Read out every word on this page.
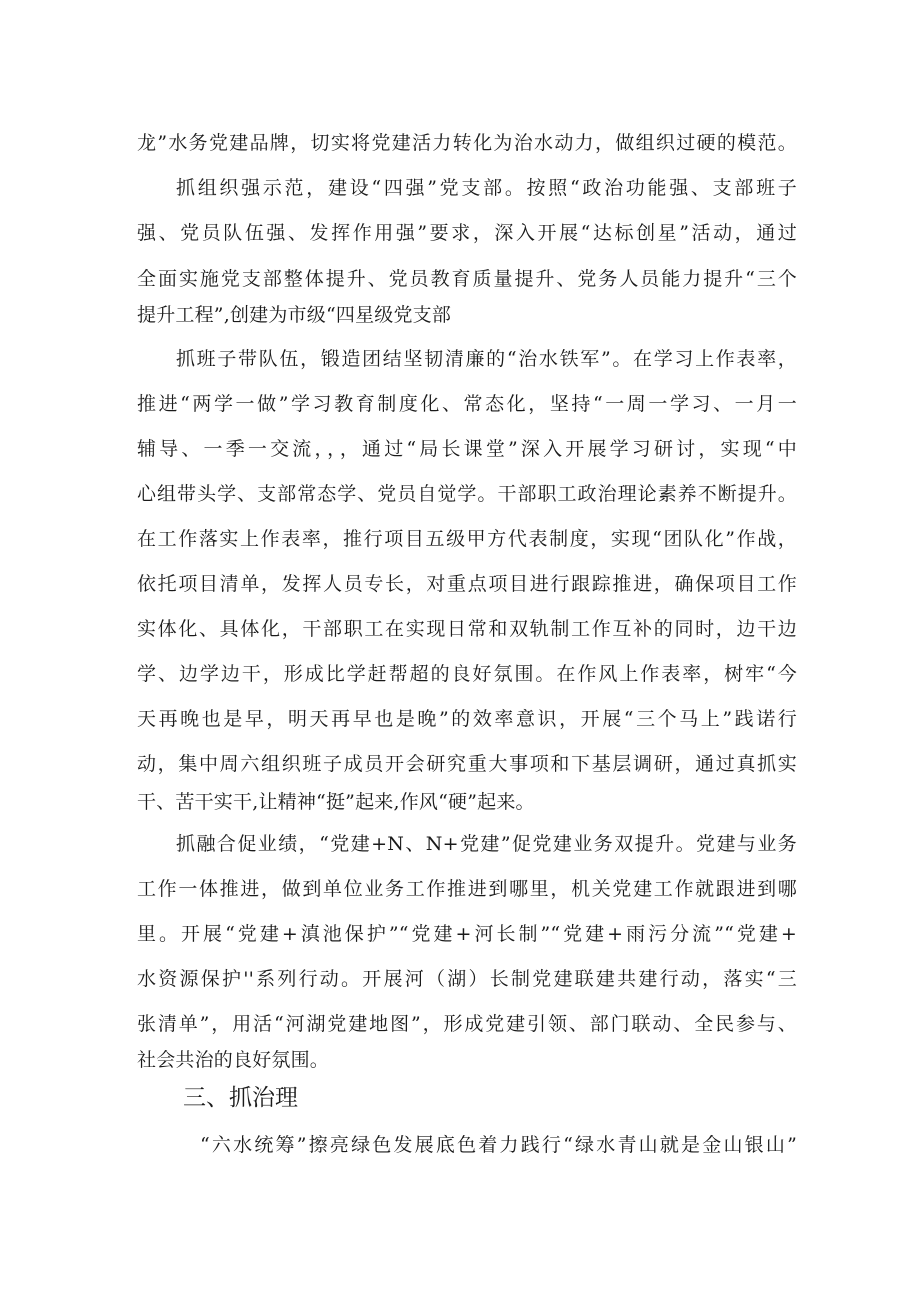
龙”水务党建品牌，切实将党建活力转化为治水动力，做组织过硬的模范。
抓组织强示范，建设“四强”党支部。按照“政治功能强、支部班子
强、党员队伍强、发挥作用强”要求，深入开展“达标创星”活动，通过
全面实施党支部整体提升、党员教育质量提升、党务人员能力提升“三个
提升工程”,创建为市级“四星级党支部
抓班子带队伍，锻造团结坚韧清廉的“治水铁军”。在学习上作表率，
推进“两学一做”学习教育制度化、常态化，坚持“一周一学习、一月一
辅导、一季一交流，，，通过“局长课堂”深入开展学习研讨，实现“中
心组带头学、支部常态学、党员自觉学。干部职工政治理论素养不断提升。
在工作落实上作表率，推行项目五级甲方代表制度，实现“团队化”作战，
依托项目清单，发挥人员专长，对重点项目进行跟踪推进，确保项目工作
实体化、具体化，干部职工在实现日常和双轨制工作互补的同时，边干边
学、边学边干，形成比学赶帮超的良好氛围。在作风上作表率，树牢“今
天再晚也是早，明天再早也是晚”的效率意识，开展“三个马上”践诺行
动，集中周六组织班子成员开会研究重大事项和下基层调研，通过真抓实
干、苦干实干,让精神“挺”起来,作风“硬”起来。
抓融合促业绩，“党建+N、N+党建”促党建业务双提升。党建与业务
工作一体推进，做到单位业务工作推进到哪里，机关党建工作就跟进到哪
里。开展“党建+滇池保护”“党建+河长制”“党建+雨污分流”“党建+
水资源保护''系列行动。开展河（湖）长制党建联建共建行动，落实“三
张清单”，用活“河湖党建地图”，形成党建引领、部门联动、全民参与、
社会共治的良好氛围。
三、抓治理
“六水统筹”擦亮绿色发展底色着力践行“绿水青山就是金山银山”
